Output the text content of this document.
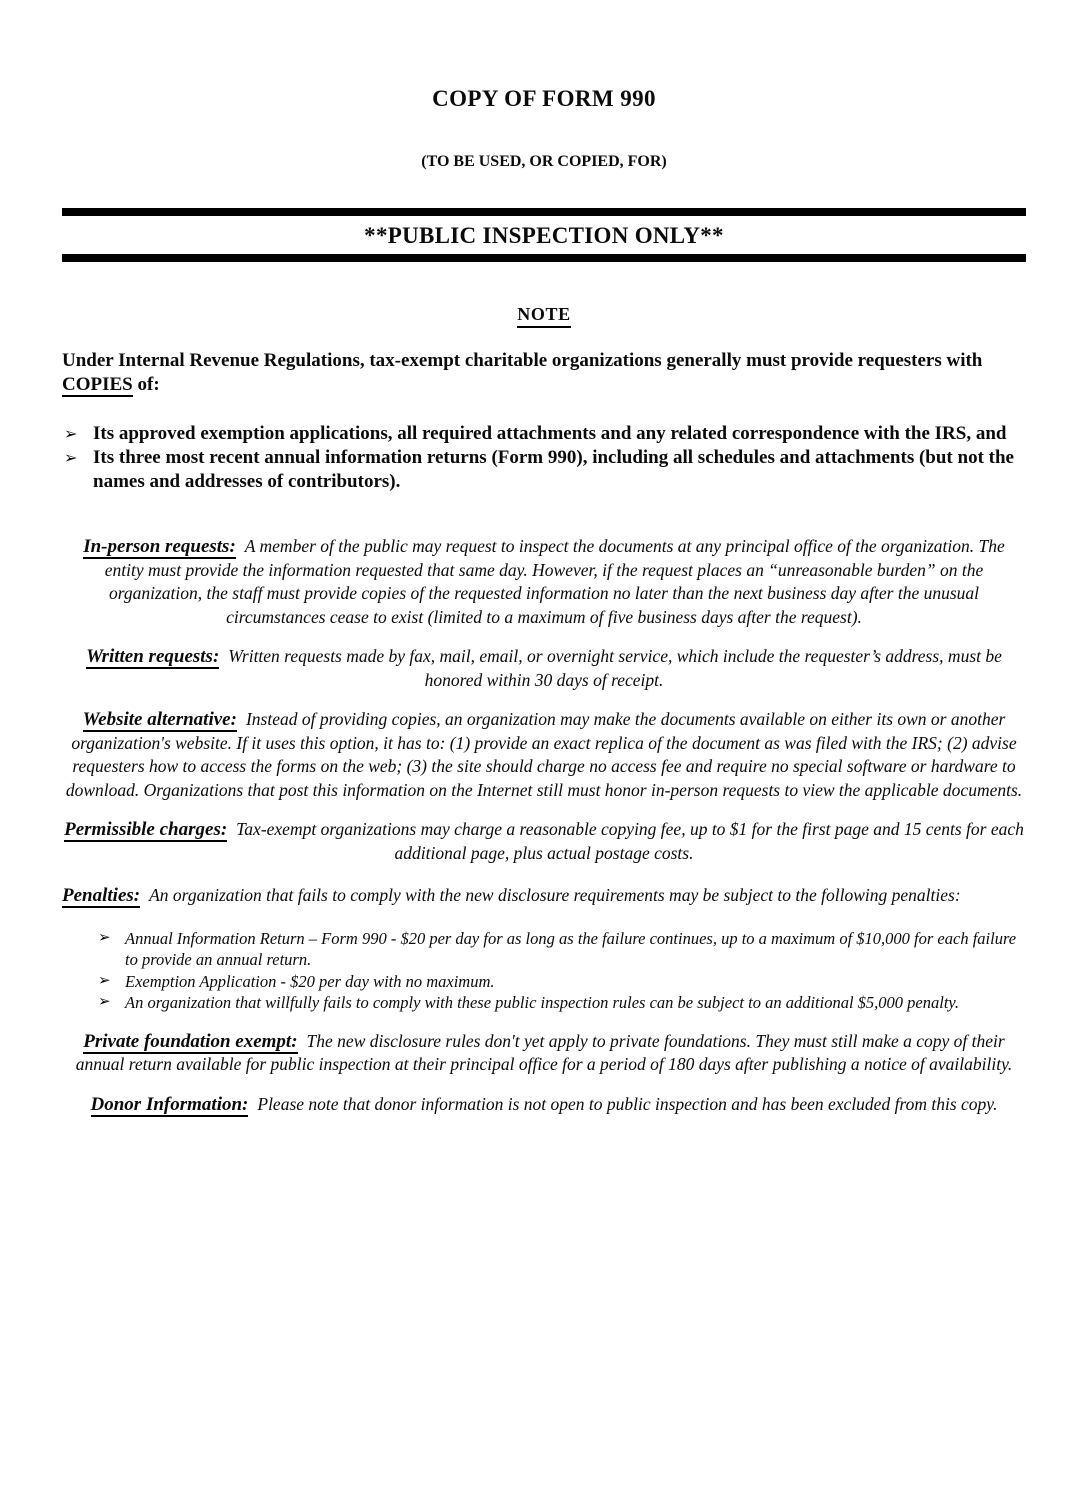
COPY OF FORM 990
(TO BE USED, OR COPIED, FOR)
**PUBLIC INSPECTION ONLY**
NOTE

Under Internal Revenue Regulations, tax-exempt charitable organizations generally must provide requesters with COPIES of:

➢ Its approved exemption applications, all required attachments and any related correspondence with the IRS, and
➢ Its three most recent annual information returns (Form 990), including all schedules and attachments (but not the names and addresses of contributors).

In-person requests: A member of the public may request to inspect the documents at any principal office of the organization. The entity must provide the information requested that same day. However, if the request places an “unreasonable burden” on the organization, the staff must provide copies of the requested information no later than the next business day after the unusual circumstances cease to exist (limited to a maximum of five business days after the request).

Written requests: Written requests made by fax, mail, email, or overnight service, which include the requester’s address, must be honored within 30 days of receipt.

Website alternative: Instead of providing copies, an organization may make the documents available on either its own or another organization's website. If it uses this option, it has to: (1) provide an exact replica of the document as was filed with the IRS; (2) advise requesters how to access the forms on the web; (3) the site should charge no access fee and require no special software or hardware to download. Organizations that post this information on the Internet still must honor in-person requests to view the applicable documents.

Permissible charges: Tax-exempt organizations may charge a reasonable copying fee, up to $1 for the first page and 15 cents for each additional page, plus actual postage costs.

Penalties: An organization that fails to comply with the new disclosure requirements may be subject to the following penalties:

➢ Annual Information Return – Form 990 - $20 per day for as long as the failure continues, up to a maximum of $10,000 for each failure to provide an annual return.
➢ Exemption Application - $20 per day with no maximum.
➢ An organization that willfully fails to comply with these public inspection rules can be subject to an additional $5,000 penalty.

Private foundation exempt: The new disclosure rules don't yet apply to private foundations. They must still make a copy of their annual return available for public inspection at their principal office for a period of 180 days after publishing a notice of availability.

Donor Information: Please note that donor information is not open to public inspection and has been excluded from this copy.
